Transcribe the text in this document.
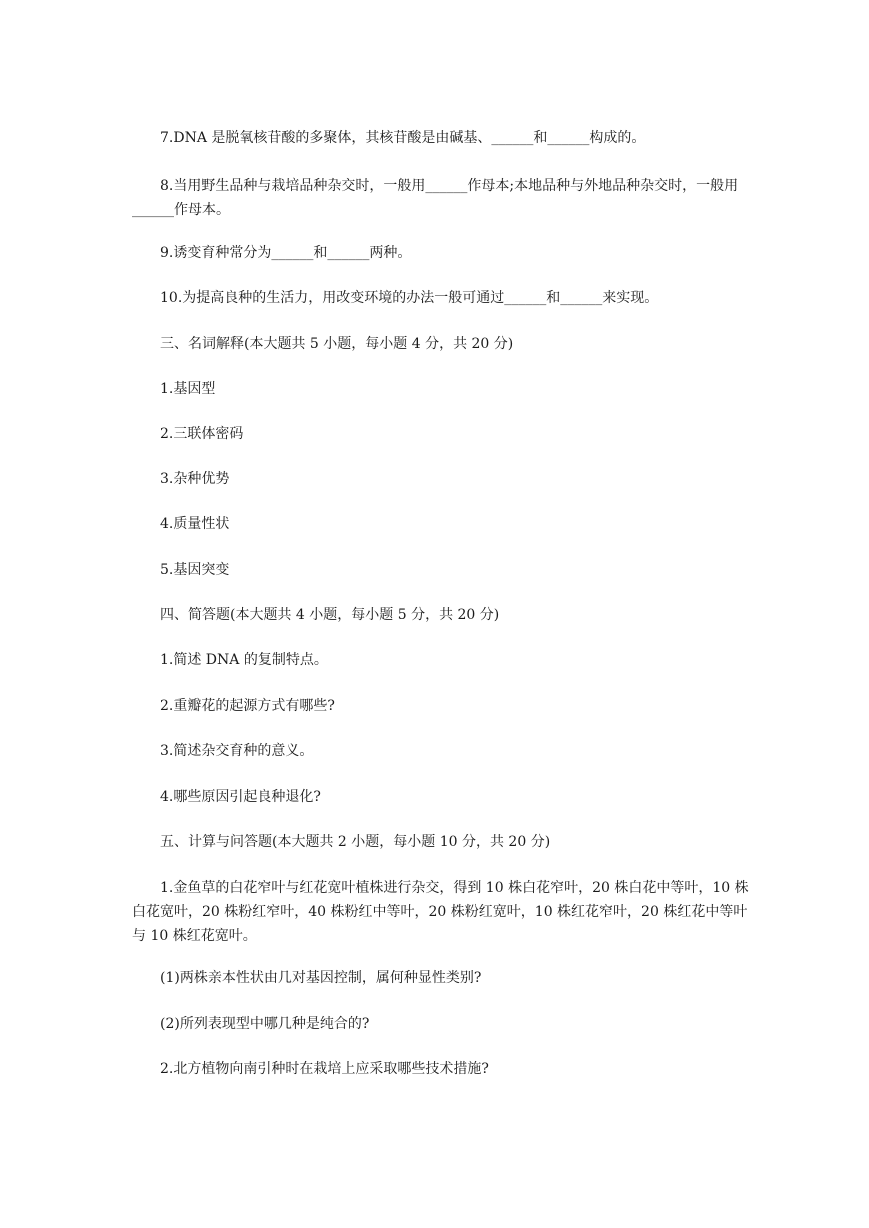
7.DNA 是脱氧核苷酸的多聚体，其核苷酸是由碱基、______和______构成的。

8.当用野生品种与栽培品种杂交时，一般用______作母本;本地品种与外地品种杂交时，一般用______作母本。

9.诱变育种常分为______和______两种。

10.为提高良种的生活力，用改变环境的办法一般可通过______和______来实现。

三、名词解释(本大题共 5 小题，每小题 4 分，共 20 分)

1.基因型

2.三联体密码

3.杂种优势

4.质量性状

5.基因突变

四、简答题(本大题共 4 小题，每小题 5 分，共 20 分)

1.简述 DNA 的复制特点。

2.重瓣花的起源方式有哪些?

3.简述杂交育种的意义。

4.哪些原因引起良种退化?

五、计算与问答题(本大题共 2 小题，每小题 10 分，共 20 分)

1.金鱼草的白花窄叶与红花宽叶植株进行杂交，得到 10 株白花窄叶，20 株白花中等叶，10 株白花宽叶，20 株粉红窄叶，40 株粉红中等叶，20 株粉红宽叶，10 株红花窄叶，20 株红花中等叶与 10 株红花宽叶。

(1)两株亲本性状由几对基因控制，属何种显性类别?

(2)所列表现型中哪几种是纯合的?

2.北方植物向南引种时在栽培上应采取哪些技术措施?
